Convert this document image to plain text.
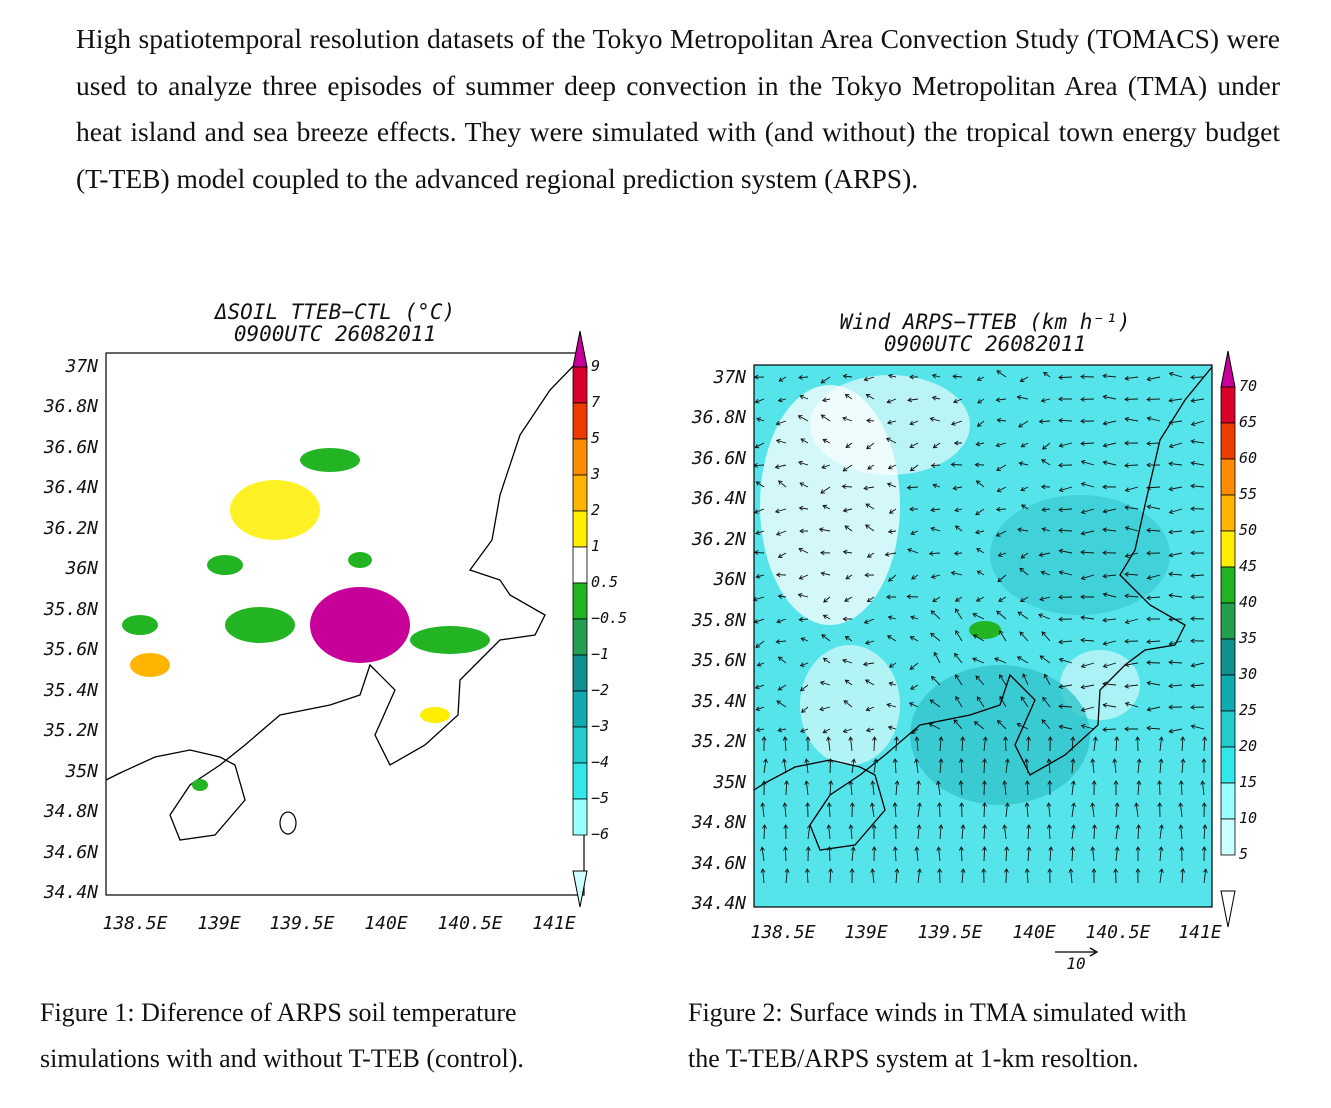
High spatiotemporal resolution datasets of the Tokyo Metropolitan Area Convection Study (TOMACS) were used to analyze three episodes of summer deep convection in the Tokyo Metropolitan Area (TMA) under heat island and sea breeze effects. They were simulated with (and without) the tropical town energy budget (T-TEB) model coupled to the advanced regional prediction system (ARPS).

ΔSOIL TTEB−CTL (°C)
0900UTC 26082011
37N
36.8N
36.6N
36.4N
36.2N
36N
35.8N
35.6N
35.4N
35.2N
35N
34.8N
34.6N
34.4N
138.5E 139E 139.5E 140E 140.5E 141E
9
7
5
3
2
1
0.5
−0.5
−1
−2
−3
−4
−5
−6
Wind ARPS−TTEB (km h⁻¹)
0900UTC 26082011
37N
36.8N
36.6N
36.4N
36.2N
36N
35.8N
35.6N
35.4N
35.2N
35N
34.8N
34.6N
34.4N
138.5E 139E 139.5E 140E 140.5E 141E
10
70
65
60
55
50
45
40
35
30
25
20
15
10
5

Figure 1: Diference of ARPS soil temperature
simulations with and without T-TEB (control).

Figure 2: Surface winds in TMA simulated with
the T-TEB/ARPS system at 1-km resoltion.
